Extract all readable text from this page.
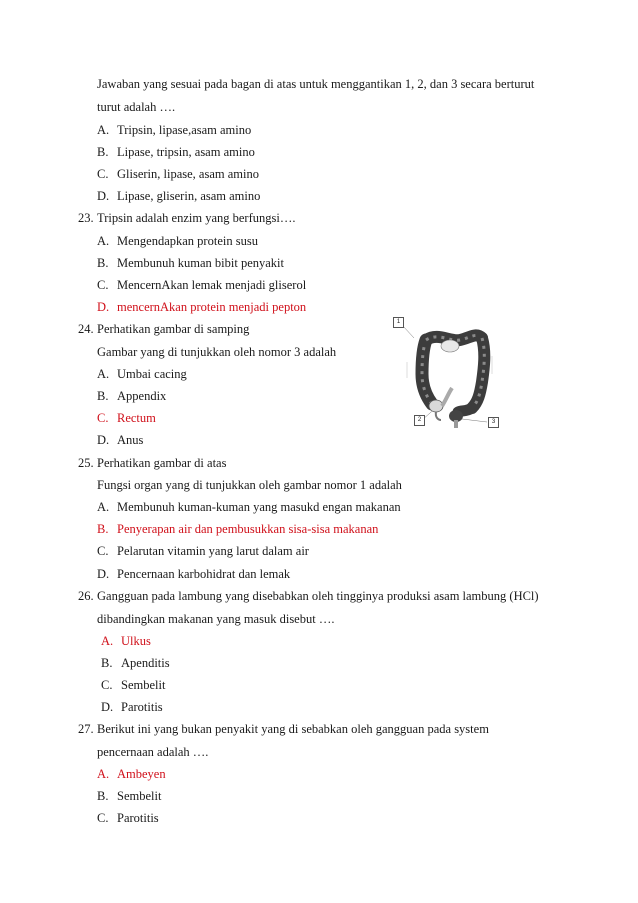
Jawaban yang sesuai pada bagan di atas untuk menggantikan 1, 2, dan 3 secara berturut
turut adalah ….
A. Tripsin, lipase,asam amino
B. Lipase, tripsin, asam amino
C. Gliserin, lipase, asam amino
D. Lipase, gliserin, asam amino
23. Tripsin adalah enzim yang berfungsi….
A. Mengendapkan protein susu
B. Membunuh kuman bibit penyakit
C. MencernAkan lemak menjadi gliserol
D. mencernAkan protein menjadi pepton
24. Perhatikan gambar di samping
Gambar yang di tunjukkan oleh nomor 3 adalah
A. Umbai cacing
B. Appendix
C. Rectum
D. Anus
1
2	3
25. Perhatikan gambar di atas
Fungsi organ yang di tunjukkan oleh gambar nomor 1 adalah
A. Membunuh kuman-kuman yang masukd engan makanan
B. Penyerapan air dan pembusukkan sisa-sisa makanan
C. Pelarutan vitamin yang larut dalam air
D. Pencernaan karbohidrat dan lemak
26. Gangguan pada lambung yang disebabkan oleh tingginya produksi asam lambung (HCl)
dibandingkan makanan yang masuk disebut ….
A. Ulkus
B. Apenditis
C. Sembelit
D. Parotitis
27. Berikut ini yang bukan penyakit yang di sebabkan oleh gangguan pada system
pencernaan adalah ….
A. Ambeyen
B. Sembelit
C. Parotitis
